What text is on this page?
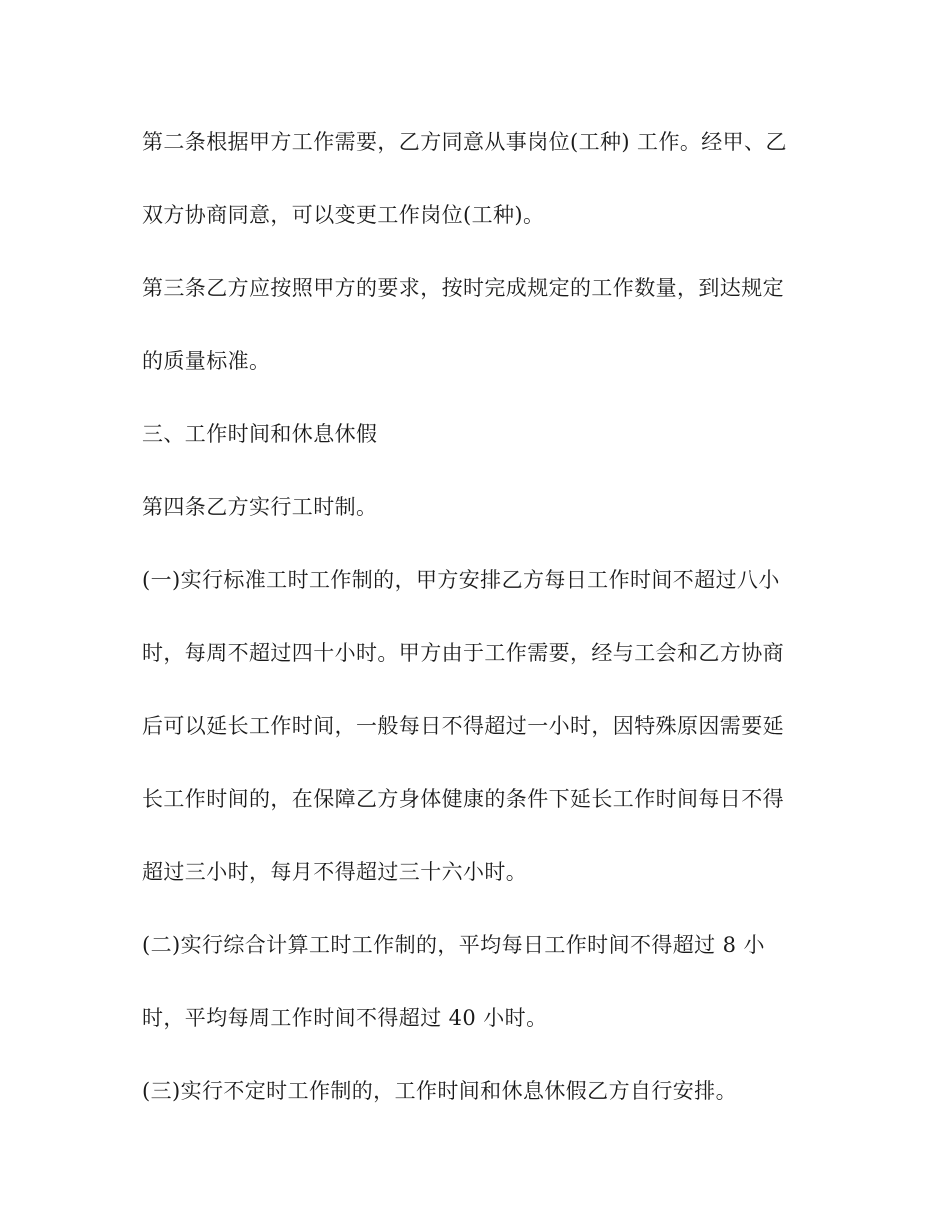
第二条根据甲方工作需要，乙方同意从事岗位(工种) 工作。经甲、乙
双方协商同意，可以变更工作岗位(工种)。
第三条乙方应按照甲方的要求，按时完成规定的工作数量，到达规定
的质量标准。
三、工作时间和休息休假
第四条乙方实行工时制。
(一)实行标准工时工作制的，甲方安排乙方每日工作时间不超过八小
时，每周不超过四十小时。甲方由于工作需要，经与工会和乙方协商
后可以延长工作时间，一般每日不得超过一小时，因特殊原因需要延
长工作时间的，在保障乙方身体健康的条件下延长工作时间每日不得
超过三小时，每月不得超过三十六小时。
(二)实行综合计算工时工作制的，平均每日工作时间不得超过 8 小
时，平均每周工作时间不得超过 40 小时。
(三)实行不定时工作制的，工作时间和休息休假乙方自行安排。
